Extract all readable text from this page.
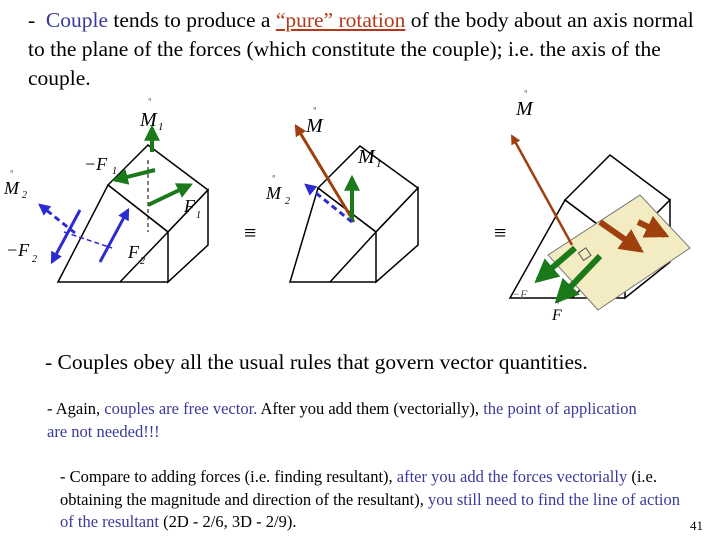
- Couple tends to produce a “pure” rotation of the body about an axis normal to the plane of the forces (which constitute the couple); i.e. the axis of the couple.

ᵘ
M 1
−F 1
F 1
ᵘ
M 2
−F 2	F 2
≡	≡
ᵘ
M
M 1
ᵘ
M 2
ᵘ
M
−F
ᵘ
F

- Couples obey all the usual rules that govern vector quantities.

- Again, couples are free vector. After you add them (vectorially), the point of application are not needed!!!

- Compare to adding forces (i.e. finding resultant), after you add the forces vectorially (i.e. obtaining the magnitude and direction of the resultant), you still need to find the line of action of the resultant (2D - 2/6, 3D - 2/9).	41
